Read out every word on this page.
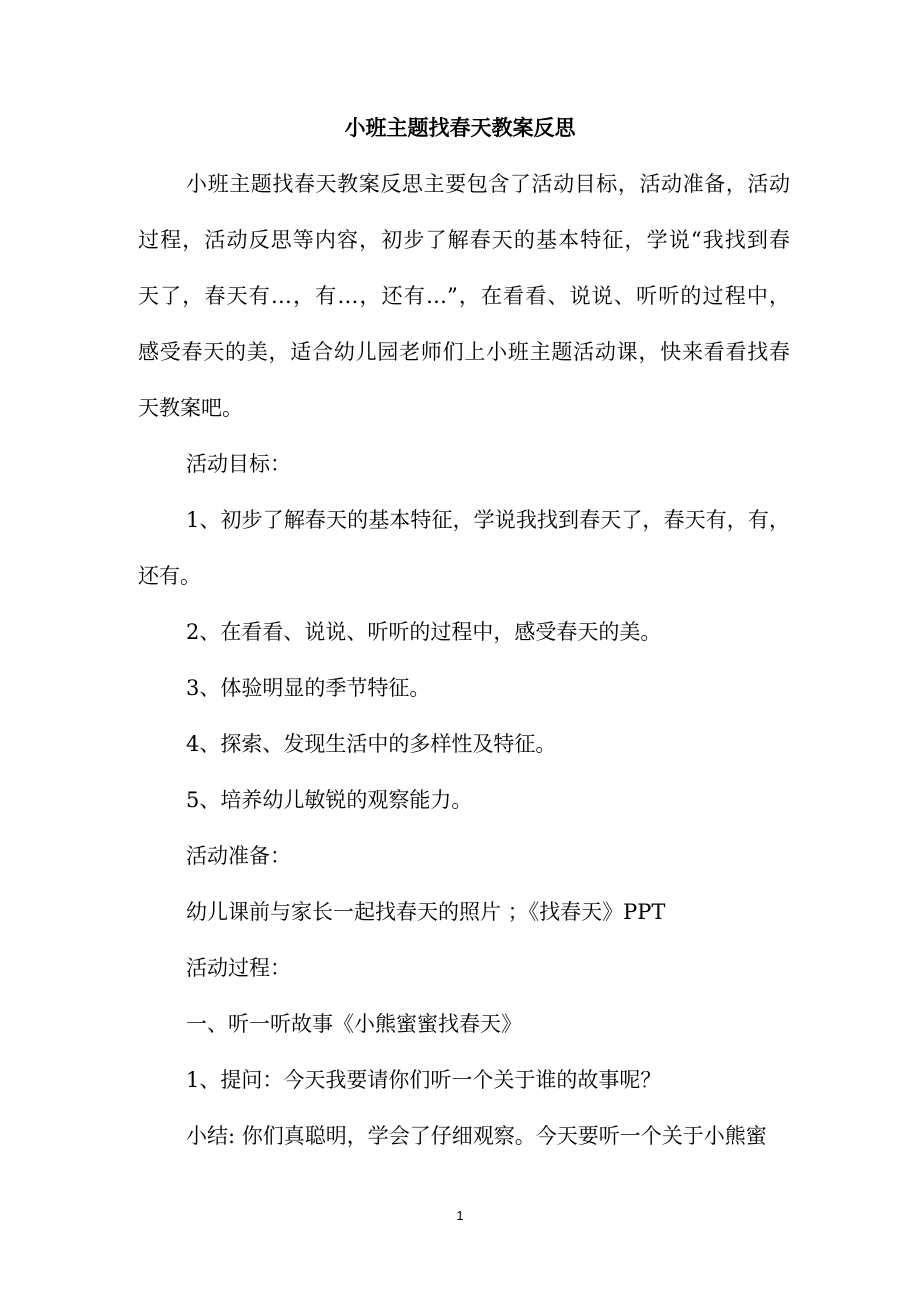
小班主题找春天教案反思
小班主题找春天教案反思主要包含了活动目标，活动准备，活动
过程，活动反思等内容，初步了解春天的基本特征，学说“我找到春
天了，春天有…，有…，还有…”，在看看、说说、听听的过程中，
感受春天的美，适合幼儿园老师们上小班主题活动课，快来看看找春
天教案吧。
活动目标：
1、初步了解春天的基本特征，学说我找到春天了，春天有，有，
还有。
2、在看看、说说、听听的过程中，感受春天的美。
3、体验明显的季节特征。
4、探索、发现生活中的多样性及特征。
5、培养幼儿敏锐的观察能力。
活动准备：
幼儿课前与家长一起找春天的照片 ；《找春天》PPT
活动过程：
一、听一听故事《小熊蜜蜜找春天》
1、提问：今天我要请你们听一个关于谁的故事呢？
小结: 你们真聪明，学会了仔细观察。今天要听一个关于小熊蜜
1
